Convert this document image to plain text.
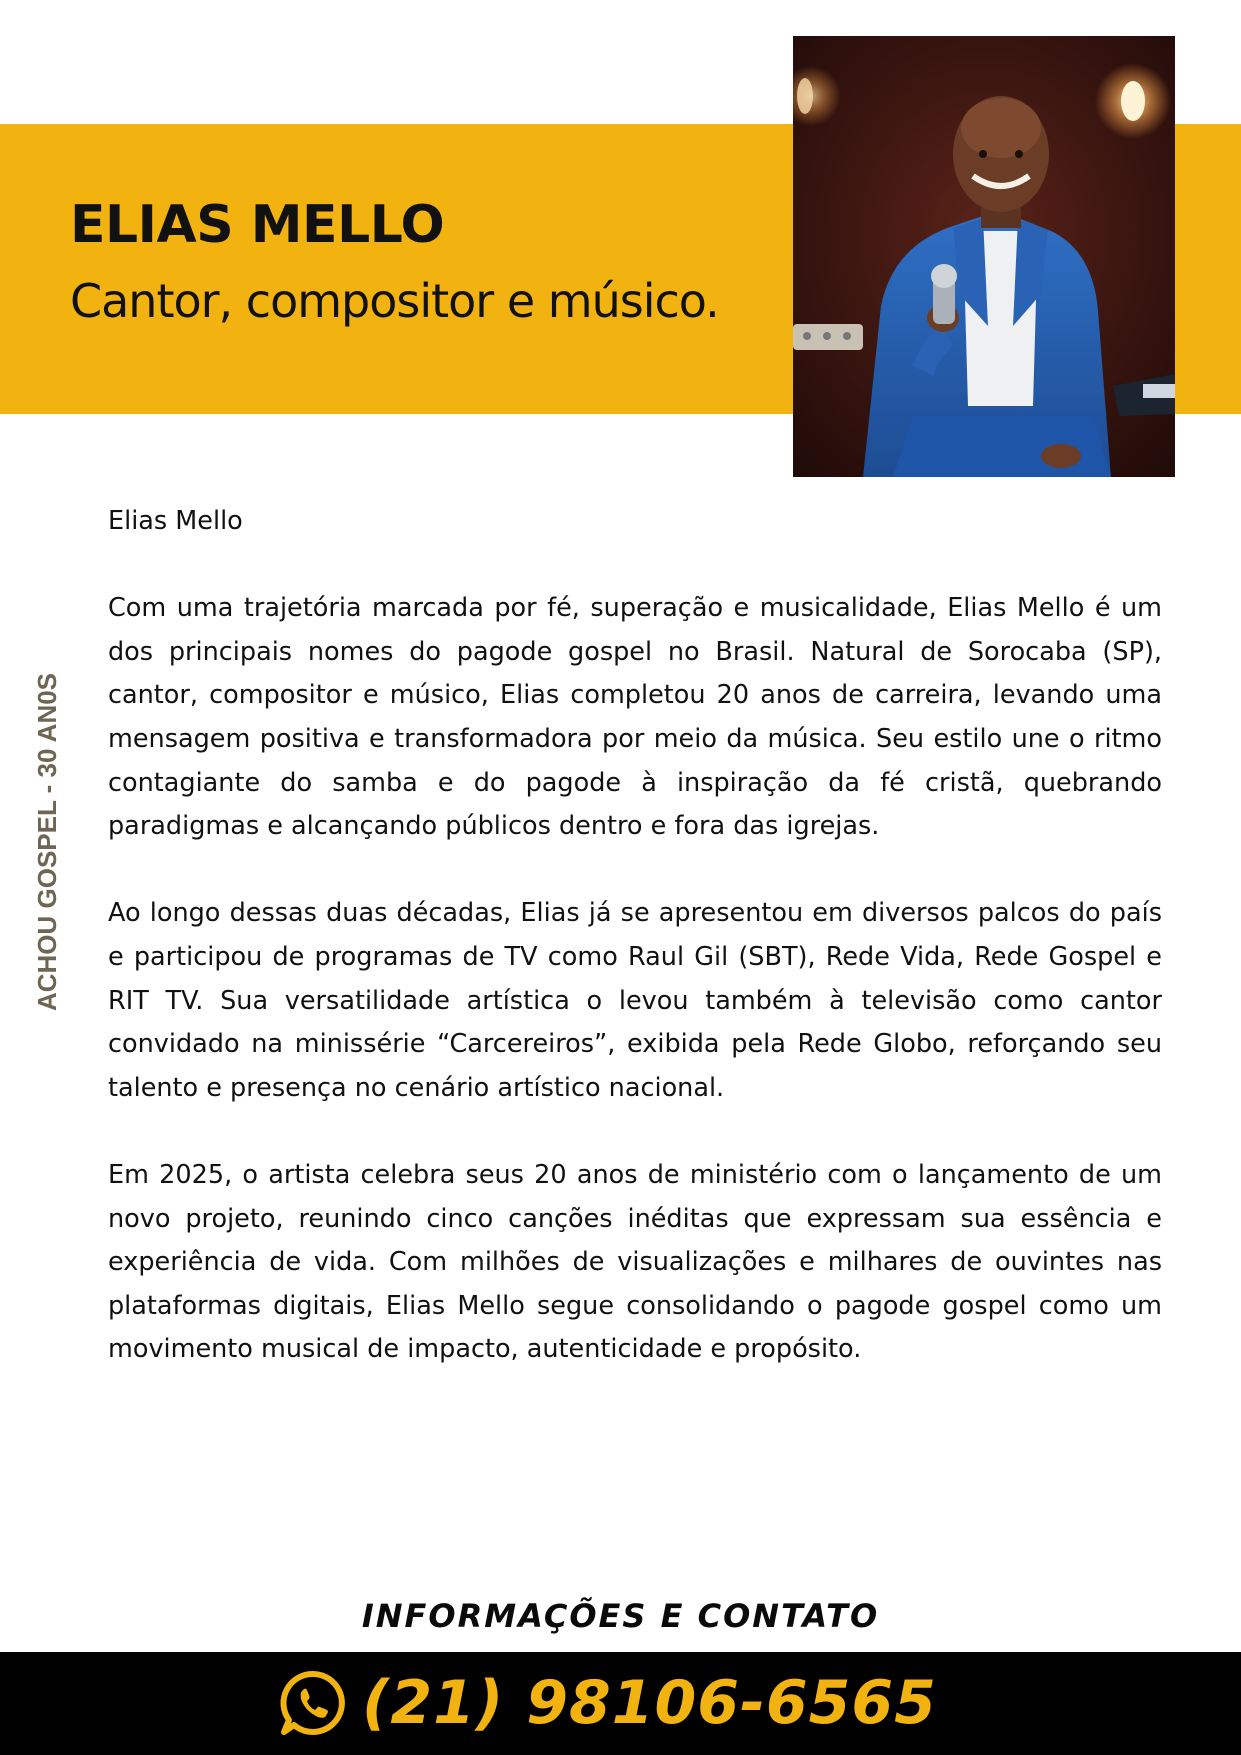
ELIAS MELLO

Cantor, compositor e músico.

ACHOU GOSPEL - 30 AN0S

Elias Mello

Com uma trajetória marcada por fé, superação e musicalidade, Elias Mello é um dos principais nomes do pagode gospel no Brasil. Natural de Sorocaba (SP), cantor, compositor e músico, Elias completou 20 anos de carreira, levando uma mensagem positiva e transformadora por meio da música. Seu estilo une o ritmo contagiante do samba e do pagode à inspiração da fé cristã, quebrando paradigmas e alcançando públicos dentro e fora das igrejas.

Ao longo dessas duas décadas, Elias já se apresentou em diversos palcos do país e participou de programas de TV como Raul Gil (SBT), Rede Vida, Rede Gospel e RIT TV. Sua versatilidade artística o levou também à televisão como cantor convidado na minissérie “Carcereiros”, exibida pela Rede Globo, reforçando seu talento e presença no cenário artístico nacional.

Em 2025, o artista celebra seus 20 anos de ministério com o lançamento de um novo projeto, reunindo cinco canções inéditas que expressam sua essência e experiência de vida. Com milhões de visualizações e milhares de ouvintes nas plataformas digitais, Elias Mello segue consolidando o pagode gospel como um movimento musical de impacto, autenticidade e propósito.

INFORMAÇÕES E CONTATO
(21) 98106-6565
